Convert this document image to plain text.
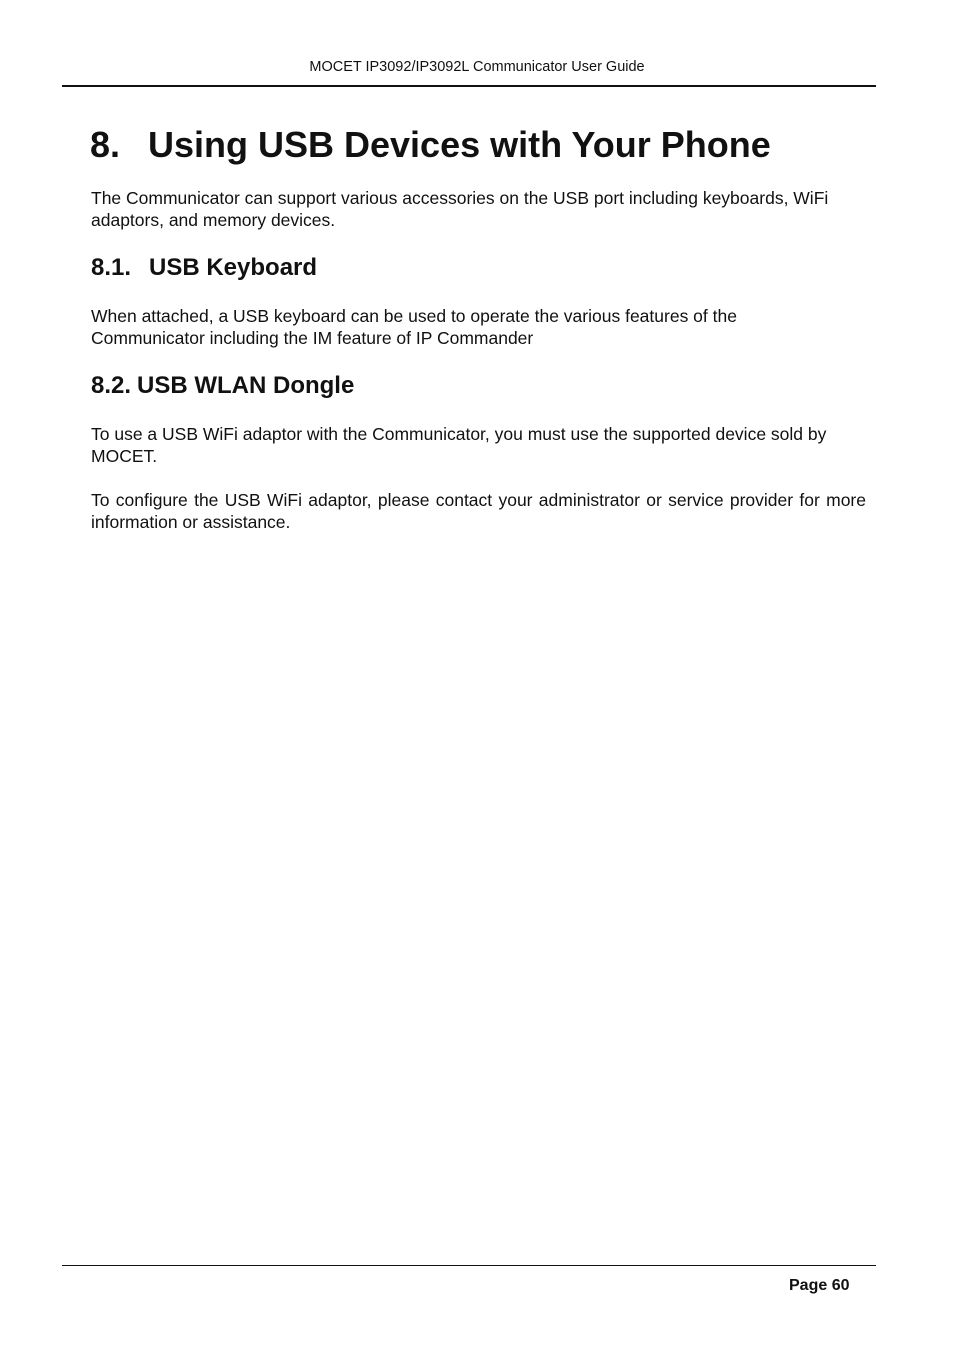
MOCET IP3092/IP3092L Communicator User Guide
8. Using USB Devices with Your Phone

The Communicator can support various accessories on the USB port including keyboards, WiFi adaptors, and memory devices.

8.1. USB Keyboard

When attached, a USB keyboard can be used to operate the various features of the Communicator including the IM feature of IP Commander

8.2. USB WLAN Dongle

To use a USB WiFi adaptor with the Communicator, you must use the supported device sold by MOCET.

To configure the USB WiFi adaptor, please contact your administrator or service provider for more information or assistance.

Page 60
